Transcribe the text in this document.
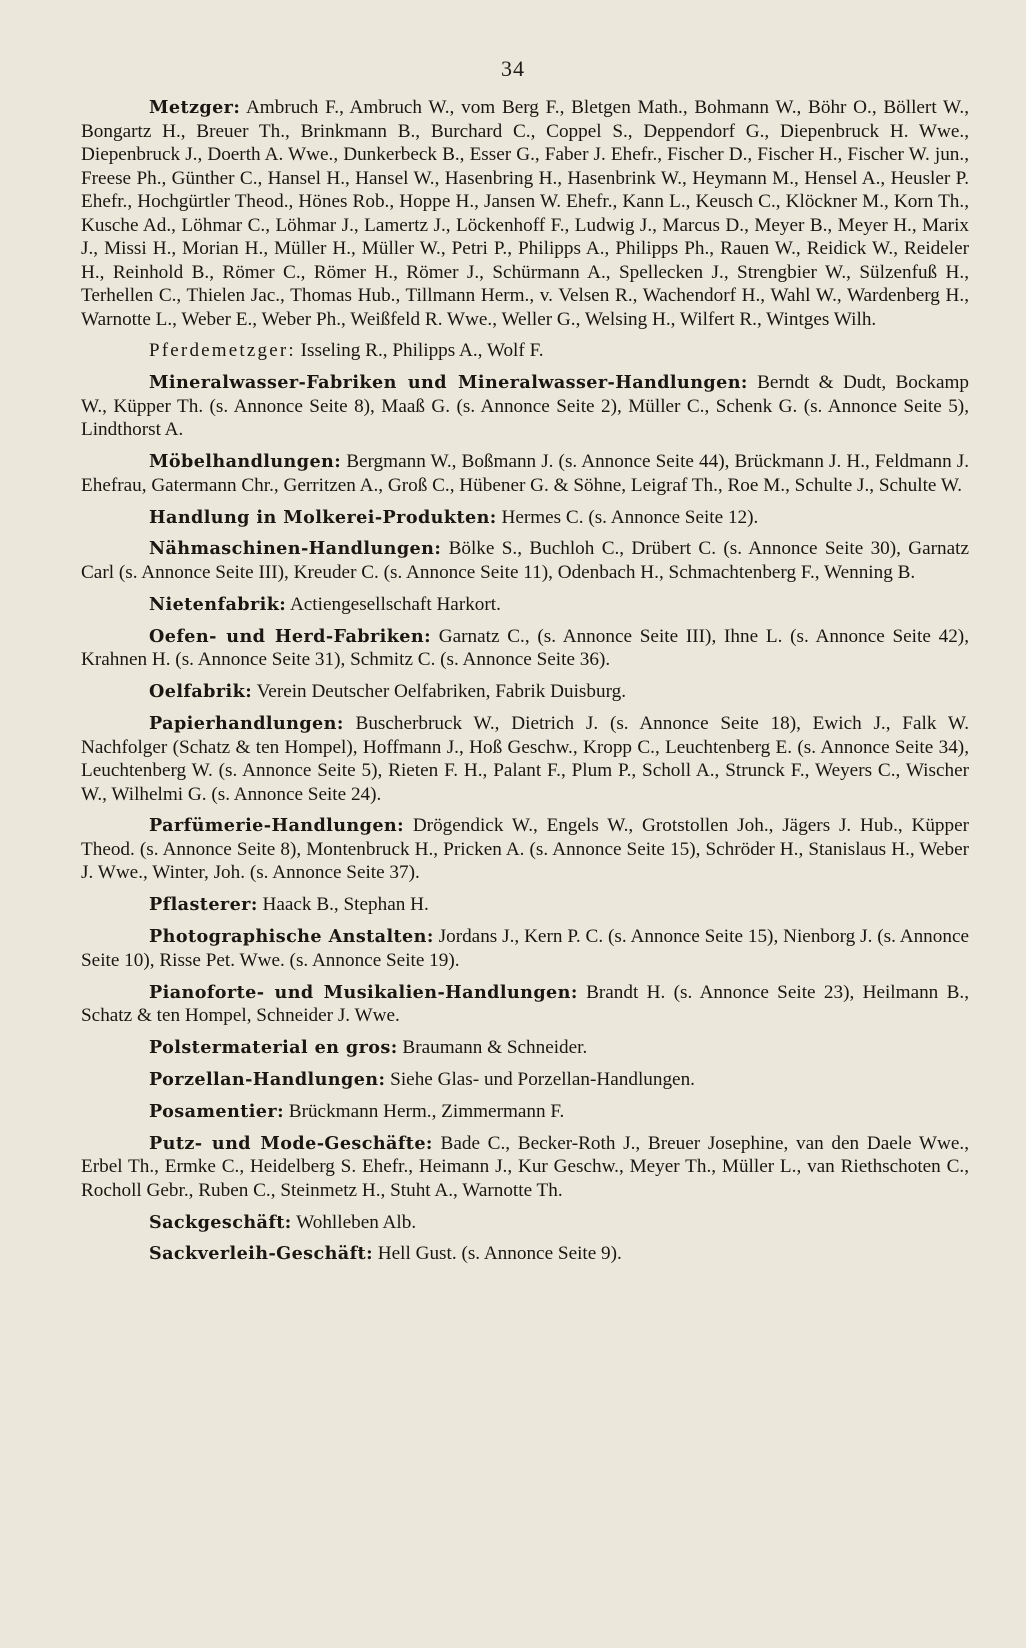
34

Metzger: Ambruch F., Ambruch W., vom Berg F., Bletgen Math., Bohmann W., Böhr O., Böllert W., Bongartz H., Breuer Th., Brinkmann B., Burchard C., Coppel S., Deppendorf G., Diepenbruck H. Wwe., Diepenbruck J., Doerth A. Wwe., Dunkerbeck B., Esser G., Faber J. Ehefr., Fischer D., Fischer H., Fischer W. jun., Freese Ph., Günther C., Hansel H., Hansel W., Hasenbring H., Hasenbrink W., Heymann M., Hensel A., Heusler P. Ehefr., Hochgürtler Theod., Hönes Rob., Hoppe H., Jansen W. Ehefr., Kann L., Keusch C., Klöckner M., Korn Th., Kusche Ad., Löhmar C., Löhmar J., Lamertz J., Löckenhoff F., Ludwig J., Marcus D., Meyer B., Meyer H., Marix J., Missi H., Morian H., Müller H., Müller W., Petri P., Philipps A., Philipps Ph., Rauen W., Reidick W., Reideler H., Reinhold B., Römer C., Römer H., Römer J., Schürmann A., Spellecken J., Strengbier W., Sülzenfuß H., Terhellen C., Thielen Jac., Thomas Hub., Tillmann Herm., v. Velsen R., Wachendorf H., Wahl W., Wardenberg H., Warnotte L., Weber E., Weber Ph., Weißfeld R. Wwe., Weller G., Welsing H., Wilfert R., Wintges Wilh.

Pferdemetzger: Isseling R., Philipps A., Wolf F.

Mineralwasser-Fabriken und Mineralwasser-Handlungen: Berndt & Dudt, Bockamp W., Küpper Th. (s. Annonce Seite 8), Maaß G. (s. Annonce Seite 2), Müller C., Schenk G. (s. Annonce Seite 5), Lindthorst A.

Möbelhandlungen: Bergmann W., Boßmann J. (s. Annonce Seite 44), Brückmann J. H., Feldmann J. Ehefrau, Gatermann Chr., Gerritzen A., Groß C., Hübener G. & Söhne, Leigraf Th., Roe M., Schulte J., Schulte W.

Handlung in Molkerei-Produkten: Hermes C. (s. Annonce Seite 12).

Nähmaschinen-Handlungen: Bölke S., Buchloh C., Drübert C. (s. Annonce Seite 30), Garnatz Carl (s. Annonce Seite III), Kreuder C. (s. Annonce Seite 11), Odenbach H., Schmachtenberg F., Wenning B.

Nietenfabrik: Actiengesellschaft Harkort.

Oefen- und Herd-Fabriken: Garnatz C., (s. Annonce Seite III), Ihne L. (s. Annonce Seite 42), Krahnen H. (s. Annonce Seite 31), Schmitz C. (s. Annonce Seite 36).

Oelfabrik: Verein Deutscher Oelfabriken, Fabrik Duisburg.

Papierhandlungen: Buscherbruck W., Dietrich J. (s. Annonce Seite 18), Ewich J., Falk W. Nachfolger (Schatz & ten Hompel), Hoffmann J., Hoß Geschw., Kropp C., Leuchtenberg E. (s. Annonce Seite 34), Leuchtenberg W. (s. Annonce Seite 5), Rieten F. H., Palant F., Plum P., Scholl A., Strunck F., Weyers C., Wischer W., Wilhelmi G. (s. Annonce Seite 24).

Parfümerie-Handlungen: Drögendick W., Engels W., Grotstollen Joh., Jägers J. Hub., Küpper Theod. (s. Annonce Seite 8), Montenbruck H., Pricken A. (s. Annonce Seite 15), Schröder H., Stanislaus H., Weber J. Wwe., Winter, Joh. (s. Annonce Seite 37).

Pflasterer: Haack B., Stephan H.

Photographische Anstalten: Jordans J., Kern P. C. (s. Annonce Seite 15), Nienborg J. (s. Annonce Seite 10), Risse Pet. Wwe. (s. Annonce Seite 19).

Pianoforte- und Musikalien-Handlungen: Brandt H. (s. Annonce Seite 23), Heilmann B., Schatz & ten Hompel, Schneider J. Wwe.

Polstermaterial en gros: Braumann & Schneider.

Porzellan-Handlungen: Siehe Glas- und Porzellan-Handlungen.

Posamentier: Brückmann Herm., Zimmermann F.

Putz- und Mode-Geschäfte: Bade C., Becker-Roth J., Breuer Josephine, van den Daele Wwe., Erbel Th., Ermke C., Heidelberg S. Ehefr., Heimann J., Kur Geschw., Meyer Th., Müller L., van Riethschoten C., Rocholl Gebr., Ruben C., Steinmetz H., Stuht A., Warnotte Th.

Sackgeschäft: Wohlleben Alb.

Sackverleih-Geschäft: Hell Gust. (s. Annonce Seite 9).
